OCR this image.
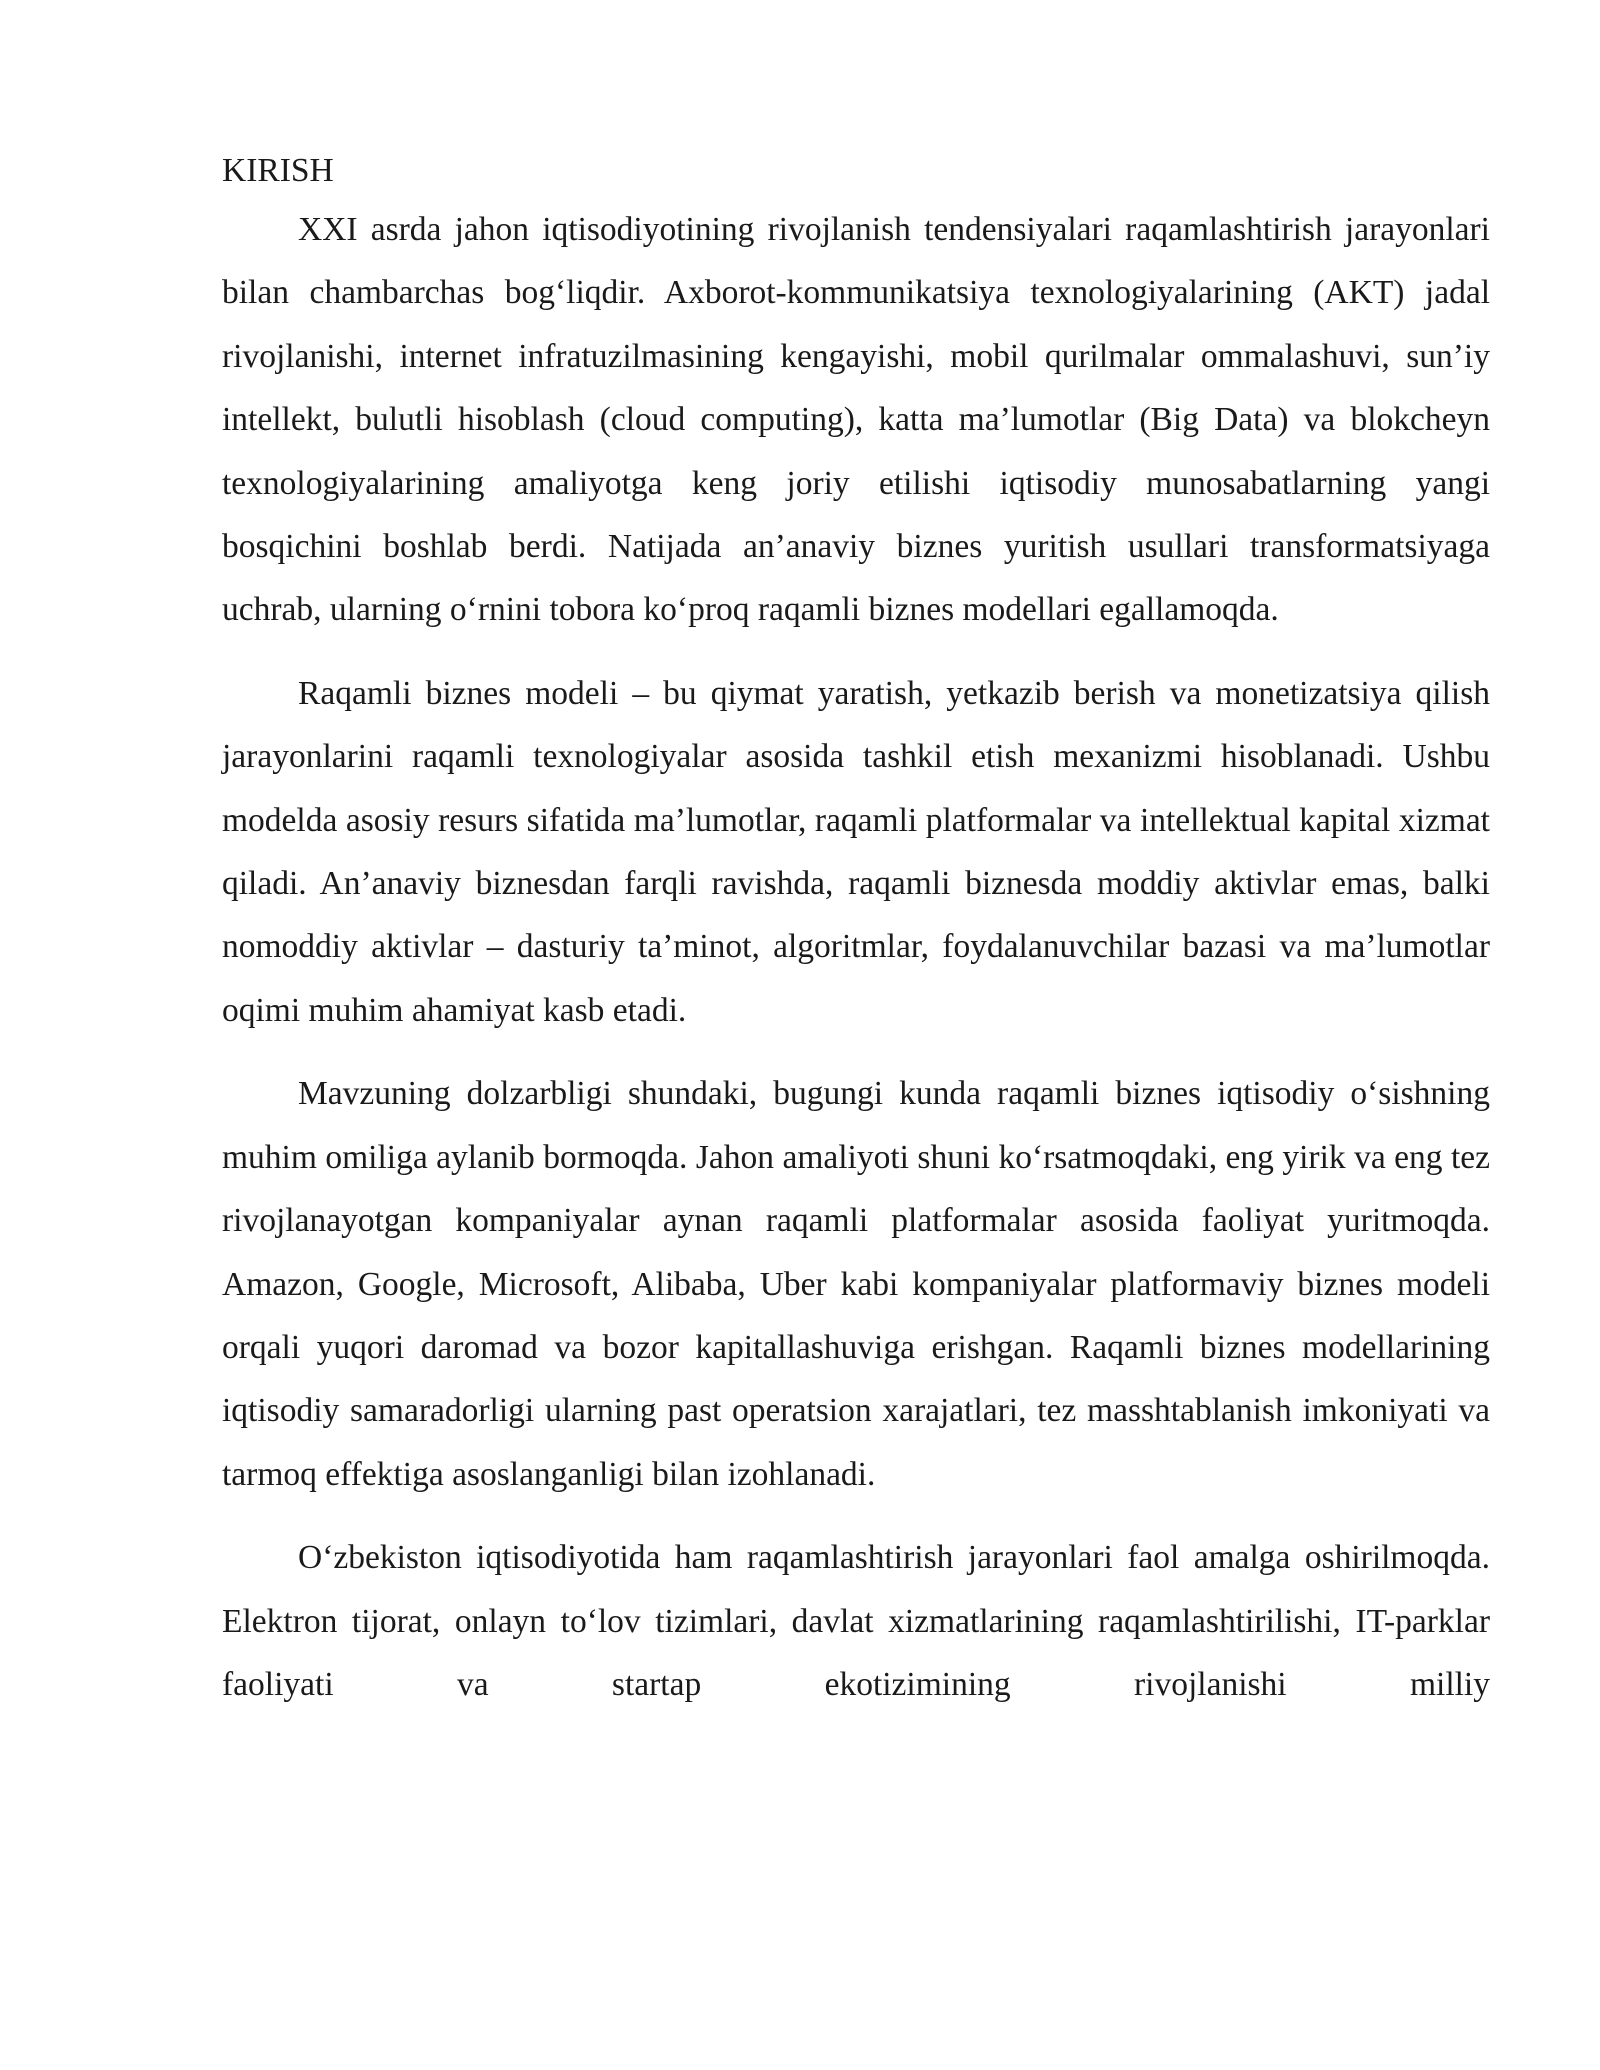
KIRISH

XXI asrda jahon iqtisodiyotining rivojlanish tendensiyalari raqamlashtirish jarayonlari bilan chambarchas bog‘liqdir. Axborot-kommunikatsiya texnologiyalarining (AKT) jadal rivojlanishi, internet infratuzilmasining kengayishi, mobil qurilmalar ommalashuvi, sun’iy intellekt, bulutli hisoblash (cloud computing), katta ma’lumotlar (Big Data) va blokcheyn texnologiyalarining amaliyotga keng joriy etilishi iqtisodiy munosabatlarning yangi bosqichini boshlab berdi. Natijada an’anaviy biznes yuritish usullari transformatsiyaga uchrab, ularning o‘rnini tobora ko‘proq raqamli biznes modellari egallamoqda.

Raqamli biznes modeli – bu qiymat yaratish, yetkazib berish va monetizatsiya qilish jarayonlarini raqamli texnologiyalar asosida tashkil etish mexanizmi hisoblanadi. Ushbu modelda asosiy resurs sifatida ma’lumotlar, raqamli platformalar va intellektual kapital xizmat qiladi. An’anaviy biznesdan farqli ravishda, raqamli biznesda moddiy aktivlar emas, balki nomoddiy aktivlar – dasturiy ta’minot, algoritmlar, foydalanuvchilar bazasi va ma’lumotlar oqimi muhim ahamiyat kasb etadi.

Mavzuning dolzarbligi shundaki, bugungi kunda raqamli biznes iqtisodiy o‘sishning muhim omiliga aylanib bormoqda. Jahon amaliyoti shuni ko‘rsatmoqdaki, eng yirik va eng tez rivojlanayotgan kompaniyalar aynan raqamli platformalar asosida faoliyat yuritmoqda. Amazon, Google, Microsoft, Alibaba, Uber kabi kompaniyalar platformaviy biznes modeli orqali yuqori daromad va bozor kapitallashuviga erishgan. Raqamli biznes modellarining iqtisodiy samaradorligi ularning past operatsion xarajatlari, tez masshtablanish imkoniyati va tarmoq effektiga asoslanganligi bilan izohlanadi.

O‘zbekiston iqtisodiyotida ham raqamlashtirish jarayonlari faol amalga oshirilmoqda. Elektron tijorat, onlayn to‘lov tizimlari, davlat xizmatlarining raqamlashtirilishi, IT-parklar faoliyati va startap ekotizimining rivojlanishi milliy
